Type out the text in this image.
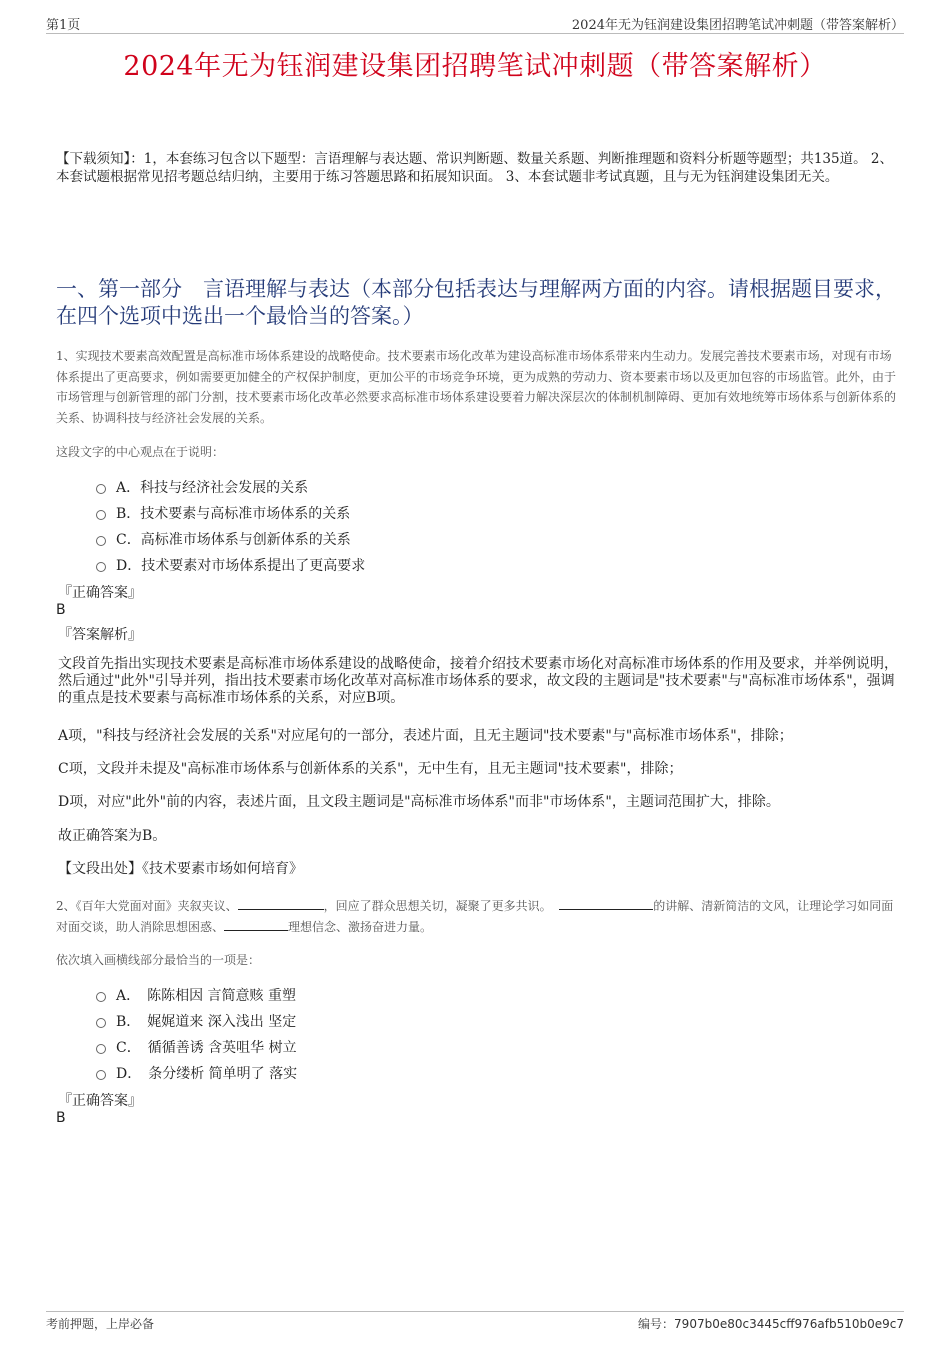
第1页	2024年无为钰润建设集团招聘笔试冲刺题（带答案解析）
2024年无为钰润建设集团招聘笔试冲刺题（带答案解析）
【下载须知】：1，本套练习包含以下题型：言语理解与表达题、常识判断题、数量关系题、判断推理题和资料分析题等题型；共135道。 2、本套试题根据常见招考题总结归纳，主要用于练习答题思路和拓展知识面。 3、本套试题非考试真题，且与无为钰润建设集团无关。
一、第一部分　言语理解与表达（本部分包括表达与理解两方面的内容。请根据题目要求，在四个选项中选出一个最恰当的答案。）
1、实现技术要素高效配置是高标准市场体系建设的战略使命。技术要素市场化改革为建设高标准市场体系带来内生动力。发展完善技术要素市场，对现有市场体系提出了更高要求，例如需要更加健全的产权保护制度，更加公平的市场竞争环境，更为成熟的劳动力、资本要素市场以及更加包容的市场监管。此外，由于市场管理与创新管理的部门分割，技术要素市场化改革必然要求高标准市场体系建设要着力解决深层次的体制机制障碍、更加有效地统筹市场体系与创新体系的关系、协调科技与经济社会发展的关系。
这段文字的中心观点在于说明：
A．科技与经济社会发展的关系
B．技术要素与高标准市场体系的关系
C．高标准市场体系与创新体系的关系
D．技术要素对市场体系提出了更高要求
『正确答案』
B
『答案解析』
文段首先指出实现技术要素是高标准市场体系建设的战略使命，接着介绍技术要素市场化对高标准市场体系的作用及要求，并举例说明，然后通过"此外"引导并列，指出技术要素市场化改革对高标准市场体系的要求，故文段的主题词是"技术要素"与"高标准市场体系"，强调的重点是技术要素与高标准市场体系的关系，对应B项。
A项，"科技与经济社会发展的关系"对应尾句的一部分，表述片面，且无主题词"技术要素"与"高标准市场体系"，排除；
C项，文段并未提及"高标准市场体系与创新体系的关系"，无中生有，且无主题词"技术要素"，排除；
D项，对应"此外"前的内容，表述片面，且文段主题词是"高标准市场体系"而非"市场体系"，主题词范围扩大，排除。
故正确答案为B。
【文段出处】《技术要素市场如何培育》
2、《百年大党面对面》夹叙夹议、	，回应了群众思想关切，凝聚了更多共识。	的讲解、清新简洁的文风，让理论学习如同面对面交谈，助人消除思想困惑、	理想信念、激扬奋进力量。
依次填入画横线部分最恰当的一项是：
A．　陈陈相因 言简意赅 重塑
B．　娓娓道来 深入浅出 坚定
C．　循循善诱 含英咀华 树立
D．　条分缕析 简单明了 落实
『正确答案』
B
考前押题，上岸必备	编号：7907b0e80c3445cff976afb510b0e9c7
